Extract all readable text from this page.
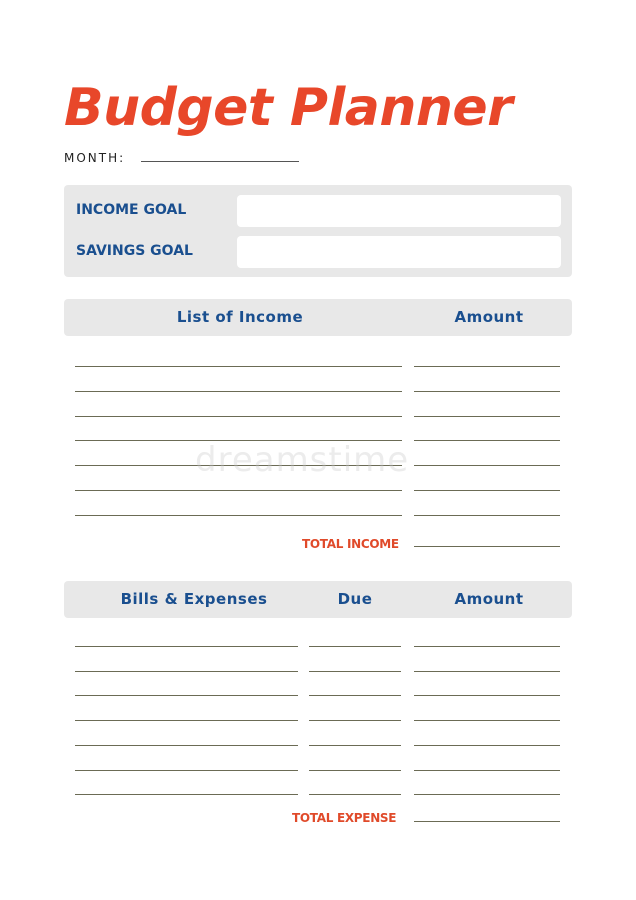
Budget Planner
MONTH:
INCOME GOAL
SAVINGS GOAL
List of Income	Amount
TOTAL INCOME
dreamstime
Bills & Expenses	Due	Amount
TOTAL EXPENSE
